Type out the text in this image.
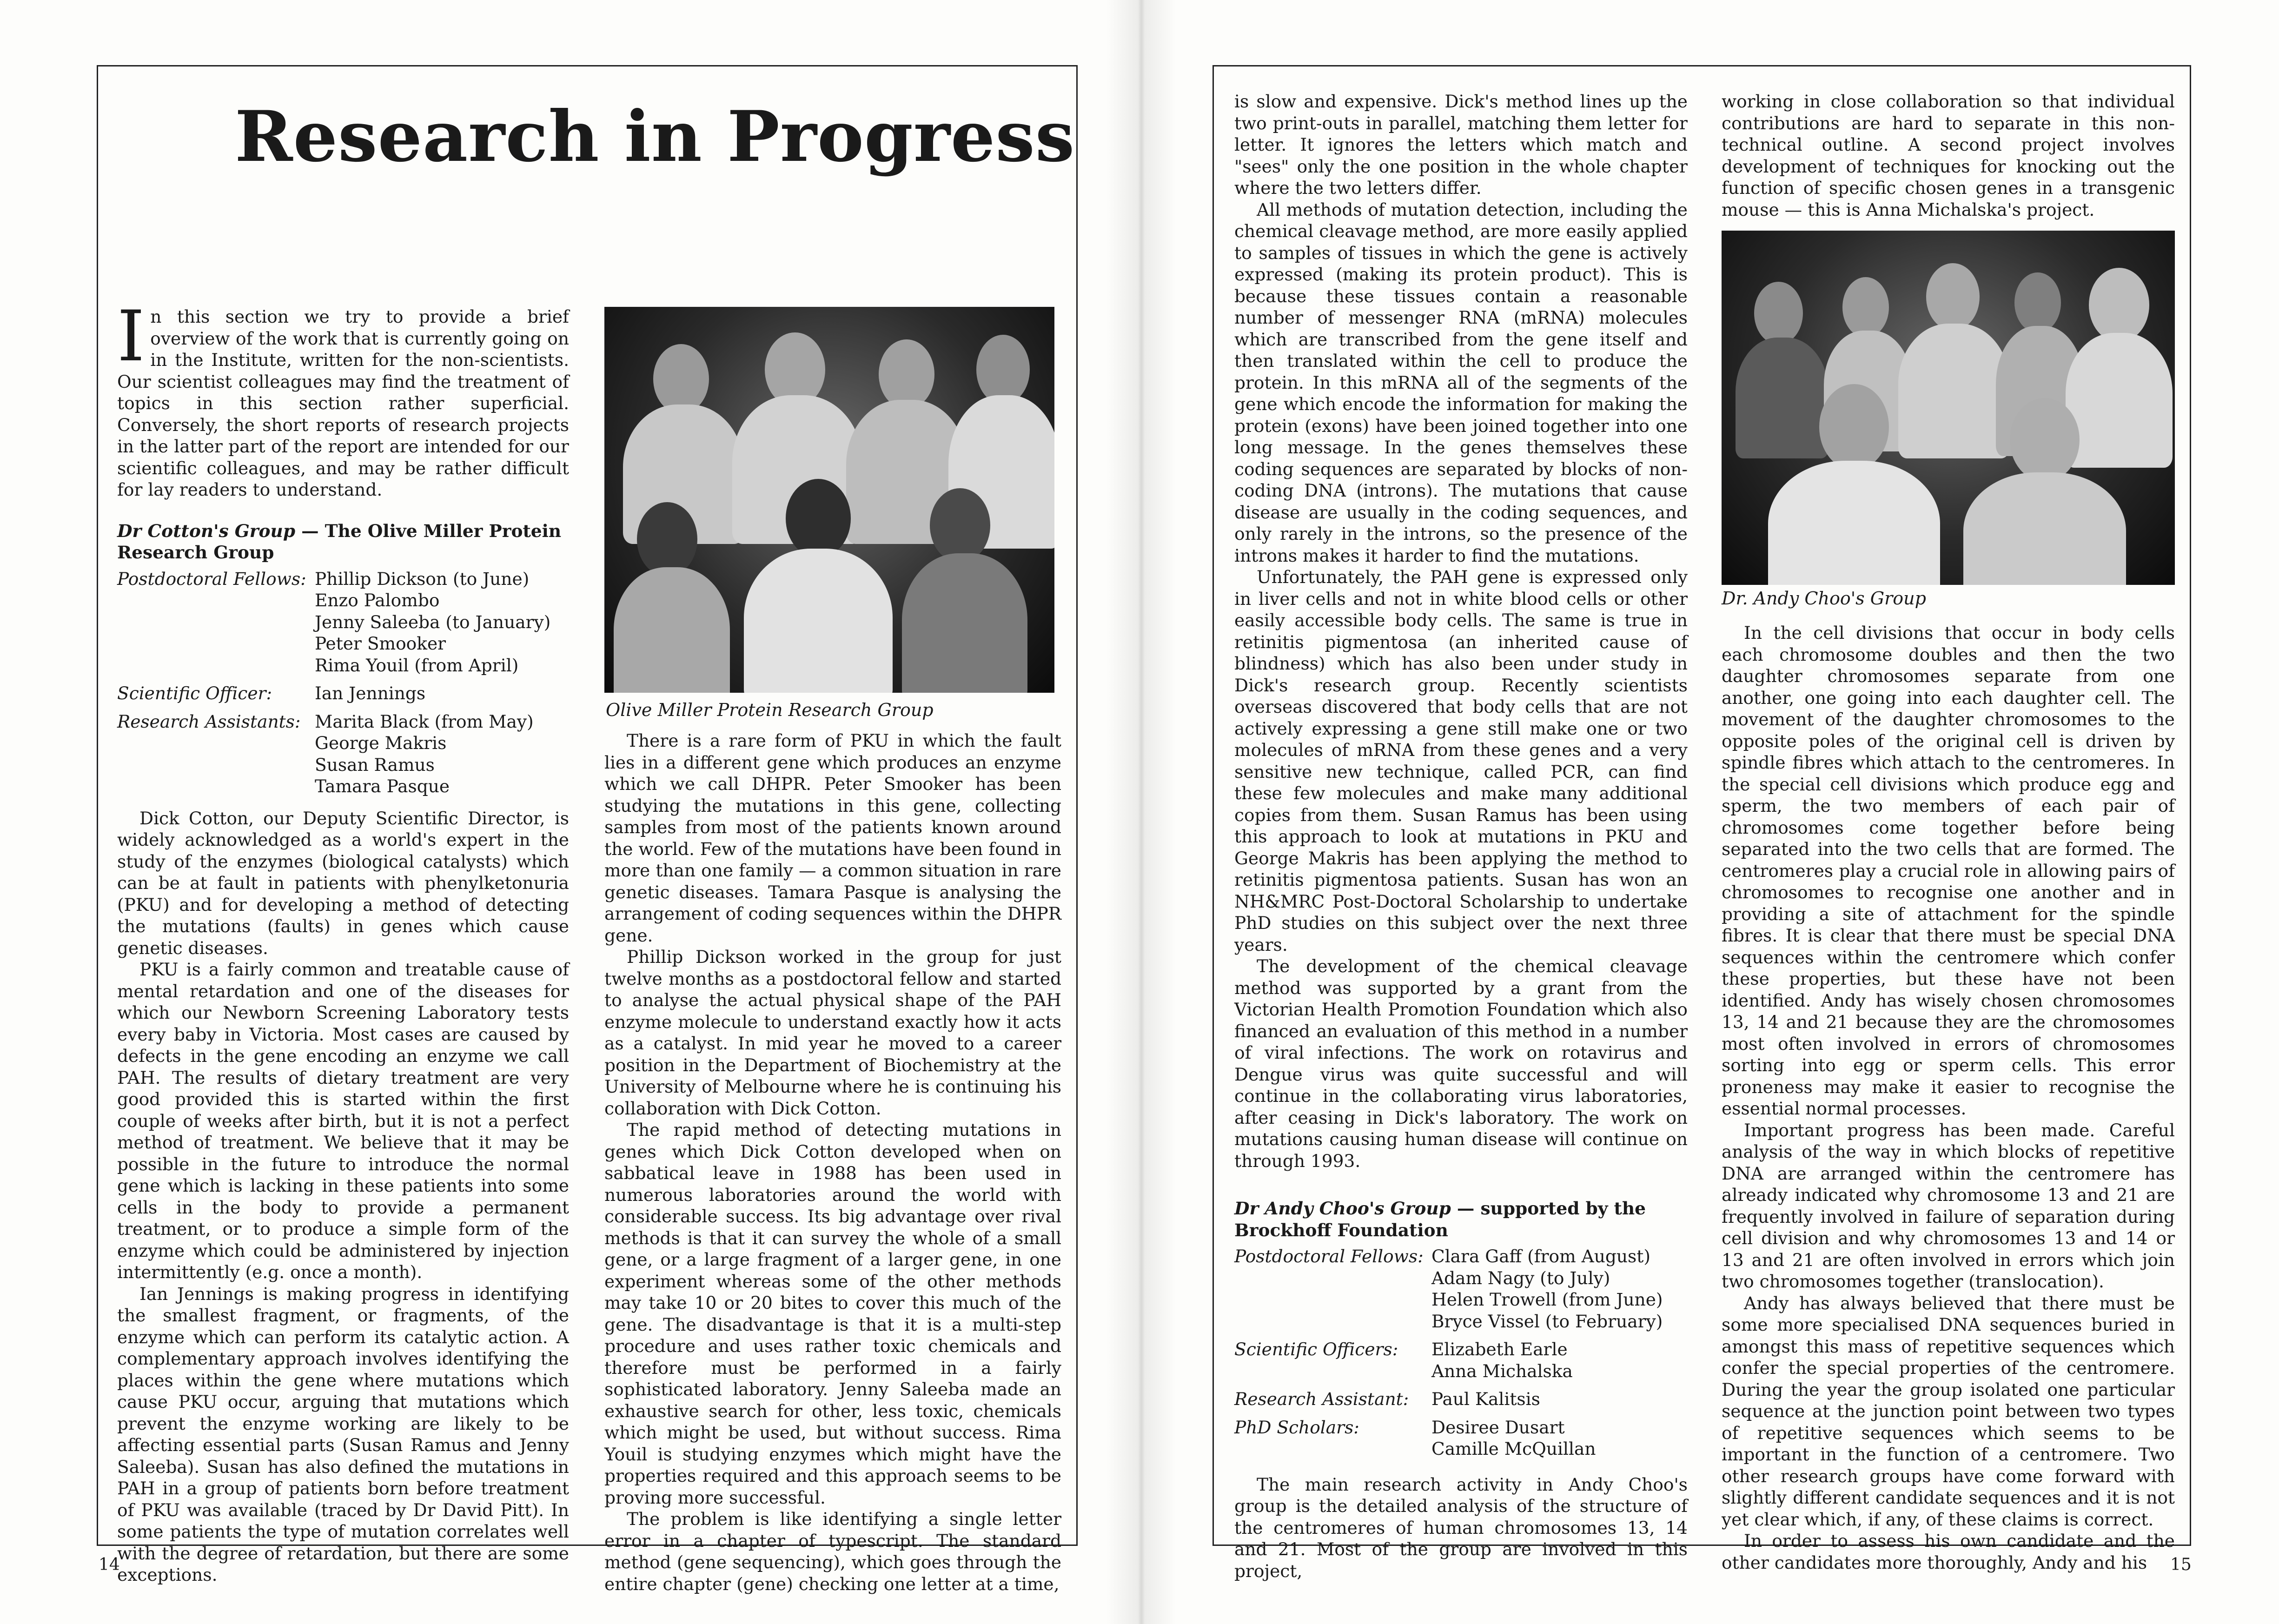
Research in Progress

In this section we try to provide a brief overview of the work that is currently going on in the Institute, written for the non-scientists. Our scientist colleagues may find the treatment of topics in this section rather superficial. Conversely, the short reports of research projects in the latter part of the report are intended for our scientific colleagues, and may be rather difficult for lay readers to understand.

Dr Cotton's Group — The Olive Miller Protein Research Group
Postdoctoral Fellows: Phillip Dickson (to June)
Enzo Palombo
Jenny Saleeba (to January)
Peter Smooker
Rima Youil (from April)
Scientific Officer:	Ian Jennings
Research Assistants: Marita Black (from May)
George Makris
Susan Ramus
Tamara Pasque

Dick Cotton, our Deputy Scientific Director, is widely acknowledged as a world's expert in the study of the enzymes (biological catalysts) which can be at fault in patients with phenylketonuria (PKU) and for developing a method of detecting the mutations (faults) in genes which cause genetic diseases.

PKU is a fairly common and treatable cause of mental retardation and one of the diseases for which our Newborn Screening Laboratory tests every baby in Victoria. Most cases are caused by defects in the gene encoding an enzyme we call PAH. The results of dietary treatment are very good provided this is started within the first couple of weeks after birth, but it is not a perfect method of treatment. We believe that it may be possible in the future to introduce the normal gene which is lacking in these patients into some cells in the body to provide a permanent treatment, or to produce a simple form of the enzyme which could be administered by injection intermittently (e.g. once a month).

Ian Jennings is making progress in identifying the smallest fragment, or fragments, of the enzyme which can perform its catalytic action. A complementary approach involves identifying the places within the gene where mutations which cause PKU occur, arguing that mutations which prevent the enzyme working are likely to be affecting essential parts (Susan Ramus and Jenny Saleeba). Susan has also defined the mutations in PAH in a group of patients born before treatment of PKU was available (traced by Dr David Pitt). In some patients the type of mutation correlates well with the degree of retardation, but there are some exceptions.

Olive Miller Protein Research Group

There is a rare form of PKU in which the fault lies in a different gene which produces an enzyme which we call DHPR. Peter Smooker has been studying the mutations in this gene, collecting samples from most of the patients known around the world. Few of the mutations have been found in more than one family — a common situation in rare genetic diseases. Tamara Pasque is analysing the arrangement of coding sequences within the DHPR gene.

Phillip Dickson worked in the group for just twelve months as a postdoctoral fellow and started to analyse the actual physical shape of the PAH enzyme molecule to understand exactly how it acts as a catalyst. In mid year he moved to a career position in the Department of Biochemistry at the University of Melbourne where he is continuing his collaboration with Dick Cotton.

The rapid method of detecting mutations in genes which Dick Cotton developed when on sabbatical leave in 1988 has been used in numerous laboratories around the world with considerable success. Its big advantage over rival methods is that it can survey the whole of a small gene, or a large fragment of a larger gene, in one experiment whereas some of the other methods may take 10 or 20 bites to cover this much of the gene. The disadvantage is that it is a multi-step procedure and uses rather toxic chemicals and therefore must be performed in a fairly sophisticated laboratory. Jenny Saleeba made an exhaustive search for other, less toxic, chemicals which might be used, but without success. Rima Youil is studying enzymes which might have the properties required and this approach seems to be proving more successful.

The problem is like identifying a single letter error in a chapter of typescript. The standard method (gene sequencing), which goes through the entire chapter (gene) checking one letter at a time,

14

is slow and expensive. Dick's method lines up the two print-outs in parallel, matching them letter for letter. It ignores the letters which match and "sees" only the one position in the whole chapter where the two letters differ.

All methods of mutation detection, including the chemical cleavage method, are more easily applied to samples of tissues in which the gene is actively expressed (making its protein product). This is because these tissues contain a reasonable number of messenger RNA (mRNA) molecules which are transcribed from the gene itself and then translated within the cell to produce the protein. In this mRNA all of the segments of the gene which encode the information for making the protein (exons) have been joined together into one long message. In the genes themselves these coding sequences are separated by blocks of non-coding DNA (introns). The mutations that cause disease are usually in the coding sequences, and only rarely in the introns, so the presence of the introns makes it harder to find the mutations.

Unfortunately, the PAH gene is expressed only in liver cells and not in white blood cells or other easily accessible body cells. The same is true in retinitis pigmentosa (an inherited cause of blindness) which has also been under study in Dick's research group. Recently scientists overseas discovered that body cells that are not actively expressing a gene still make one or two molecules of mRNA from these genes and a very sensitive new technique, called PCR, can find these few molecules and make many additional copies from them. Susan Ramus has been using this approach to look at mutations in PKU and George Makris has been applying the method to retinitis pigmentosa patients. Susan has won an NH&MRC Post-Doctoral Scholarship to undertake PhD studies on this subject over the next three years.

The development of the chemical cleavage method was supported by a grant from the Victorian Health Promotion Foundation which also financed an evaluation of this method in a number of viral infections. The work on rotavirus and Dengue virus was quite successful and will continue in the collaborating virus laboratories, after ceasing in Dick's laboratory. The work on mutations causing human disease will continue on through 1993.

Dr Andy Choo's Group — supported by the Brockhoff Foundation
Postdoctoral Fellows: Clara Gaff (from August)
Adam Nagy (to July)
Helen Trowell (from June)
Bryce Vissel (to February)
Scientific Officers:	Elizabeth Earle
Anna Michalska
Research Assistant:	Paul Kalitsis
PhD Scholars:	Desiree Dusart
Camille McQuillan

The main research activity in Andy Choo's group is the detailed analysis of the structure of the centromeres of human chromosomes 13, 14 and 21. Most of the group are involved in this project,

working in close collaboration so that individual contributions are hard to separate in this non-technical outline. A second project involves development of techniques for knocking out the function of specific chosen genes in a transgenic mouse — this is Anna Michalska's project.

Dr. Andy Choo's Group

In the cell divisions that occur in body cells each chromosome doubles and then the two daughter chromosomes separate from one another, one going into each daughter cell. The movement of the daughter chromosomes to the opposite poles of the original cell is driven by spindle fibres which attach to the centromeres. In the special cell divisions which produce egg and sperm, the two members of each pair of chromosomes come together before being separated into the two cells that are formed. The centromeres play a crucial role in allowing pairs of chromosomes to recognise one another and in providing a site of attachment for the spindle fibres. It is clear that there must be special DNA sequences within the centromere which confer these properties, but these have not been identified. Andy has wisely chosen chromosomes 13, 14 and 21 because they are the chromosomes most often involved in errors of chromosomes sorting into egg or sperm cells. This error proneness may make it easier to recognise the essential normal processes.

Important progress has been made. Careful analysis of the way in which blocks of repetitive DNA are arranged within the centromere has already indicated why chromosome 13 and 21 are frequently involved in failure of separation during cell division and why chromosomes 13 and 14 or 13 and 21 are often involved in errors which join two chromosomes together (translocation).

Andy has always believed that there must be some more specialised DNA sequences buried in amongst this mass of repetitive sequences which confer the special properties of the centromere. During the year the group isolated one particular sequence at the junction point between two types of repetitive sequences which seems to be important in the function of a centromere. Two other research groups have come forward with slightly different candidate sequences and it is not yet clear which, if any, of these claims is correct.

In order to assess his own candidate and the other candidates more thoroughly, Andy and his	15
